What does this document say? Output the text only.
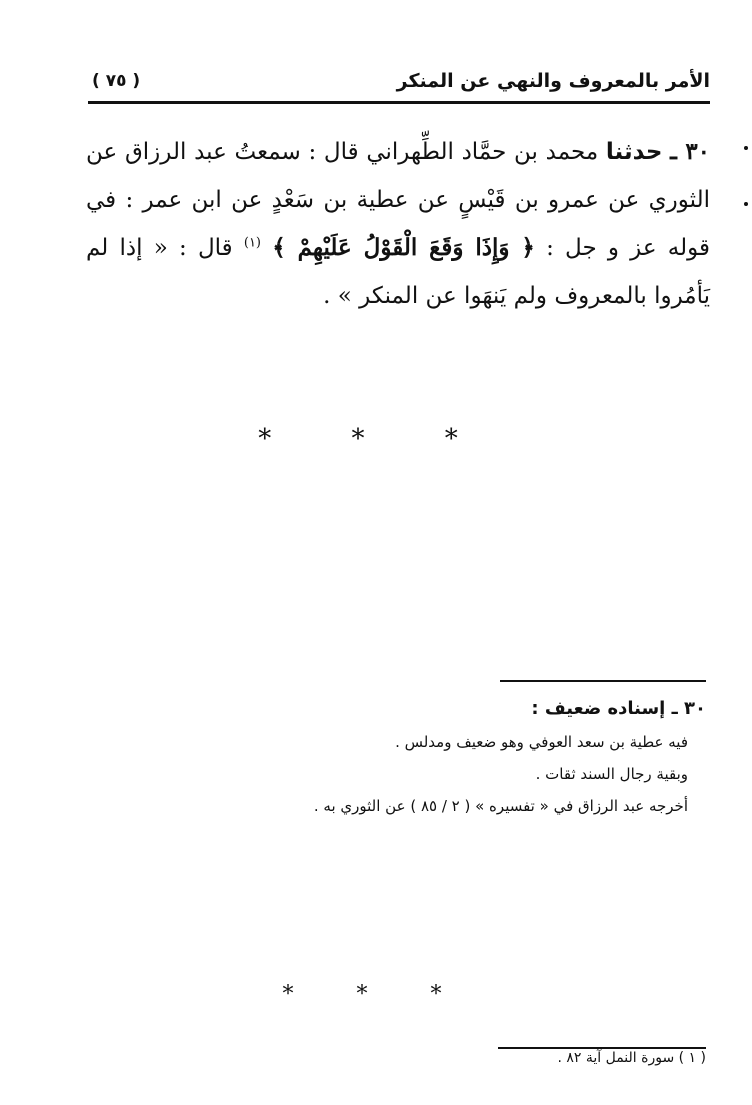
الأمر بالمعروف والنهي عن المنكر
( ٧٥ )
٣٠ ـ حدثنا محمد بن حمَّاد الطِّهراني قال : سمعتُ عبد الرزاق عن الثوري عن عمرو بن قَيْسٍ عن عطية بن سَعْدٍ عن ابن عمر : في قوله عز و جل : ﴿ وَإِذَا وَقَعَ الْقَوْلُ عَلَيْهِمْ ﴾ $^{(١)}$ قال : « إذا لم يَأمُروا بالمعروف ولم يَنهَوا عن المنكر » .
* * *
٣٠ ـ إسناده ضعيف :
فيه عطية بن سعد العوفي وهو ضعيف ومدلس .
وبقية رجال السند ثقات .
أخرجه عبد الرزاق في « تفسيره » ( ٢ / ٨٥ ) عن الثوري به .
* * *
( ١ ) سورة النمل آية ٨٢ .
